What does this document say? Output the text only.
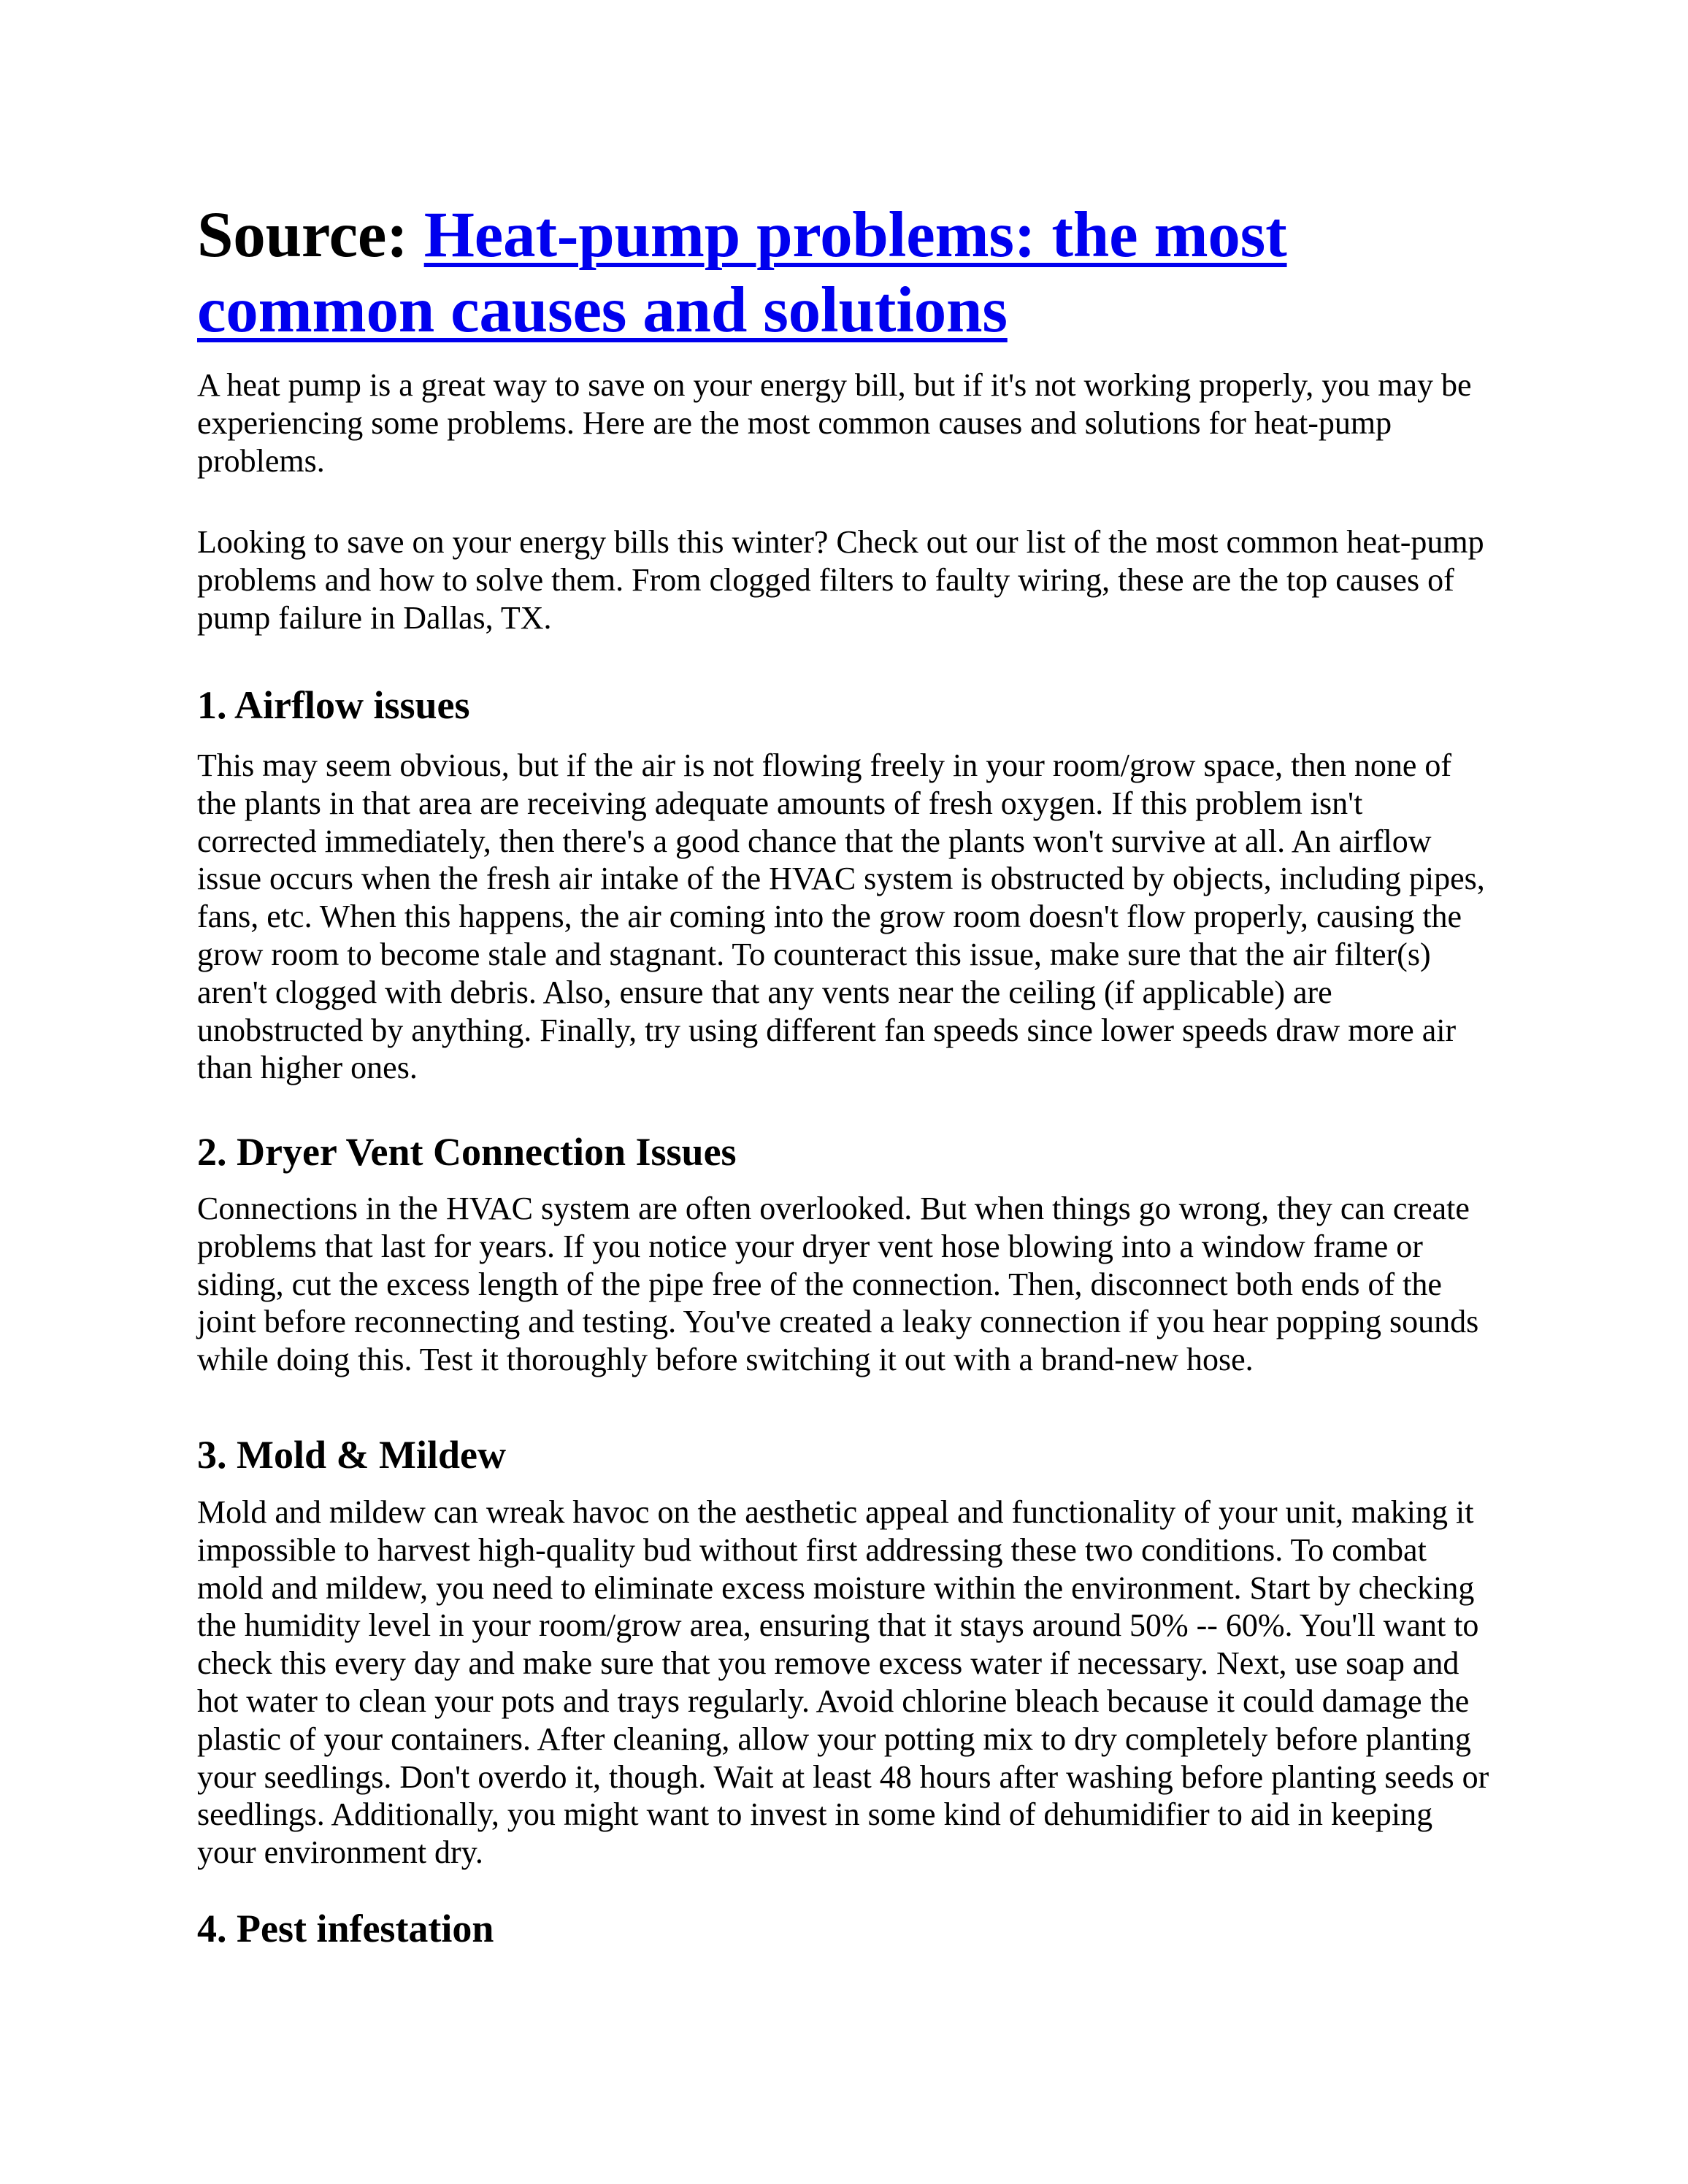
Source: Heat-pump problems: the most common causes and solutions

A heat pump is a great way to save on your energy bill, but if it's not working properly, you may be experiencing some problems. Here are the most common causes and solutions for heat-pump problems.

Looking to save on your energy bills this winter? Check out our list of the most common heat-pump problems and how to solve them. From clogged filters to faulty wiring, these are the top causes of pump failure in Dallas, TX.

1. Airflow issues

This may seem obvious, but if the air is not flowing freely in your room/grow space, then none of the plants in that area are receiving adequate amounts of fresh oxygen. If this problem isn't corrected immediately, then there's a good chance that the plants won't survive at all. An airflow issue occurs when the fresh air intake of the HVAC system is obstructed by objects, including pipes, fans, etc. When this happens, the air coming into the grow room doesn't flow properly, causing the grow room to become stale and stagnant. To counteract this issue, make sure that the air filter(s) aren't clogged with debris. Also, ensure that any vents near the ceiling (if applicable) are unobstructed by anything. Finally, try using different fan speeds since lower speeds draw more air than higher ones.

2. Dryer Vent Connection Issues

Connections in the HVAC system are often overlooked. But when things go wrong, they can create problems that last for years. If you notice your dryer vent hose blowing into a window frame or siding, cut the excess length of the pipe free of the connection. Then, disconnect both ends of the joint before reconnecting and testing. You've created a leaky connection if you hear popping sounds while doing this. Test it thoroughly before switching it out with a brand-new hose.

3. Mold & Mildew

Mold and mildew can wreak havoc on the aesthetic appeal and functionality of your unit, making it impossible to harvest high-quality bud without first addressing these two conditions. To combat mold and mildew, you need to eliminate excess moisture within the environment. Start by checking the humidity level in your room/grow area, ensuring that it stays around 50% -- 60%. You'll want to check this every day and make sure that you remove excess water if necessary. Next, use soap and hot water to clean your pots and trays regularly. Avoid chlorine bleach because it could damage the plastic of your containers. After cleaning, allow your potting mix to dry completely before planting your seedlings. Don't overdo it, though. Wait at least 48 hours after washing before planting seeds or seedlings. Additionally, you might want to invest in some kind of dehumidifier to aid in keeping your environment dry.

4. Pest infestation
